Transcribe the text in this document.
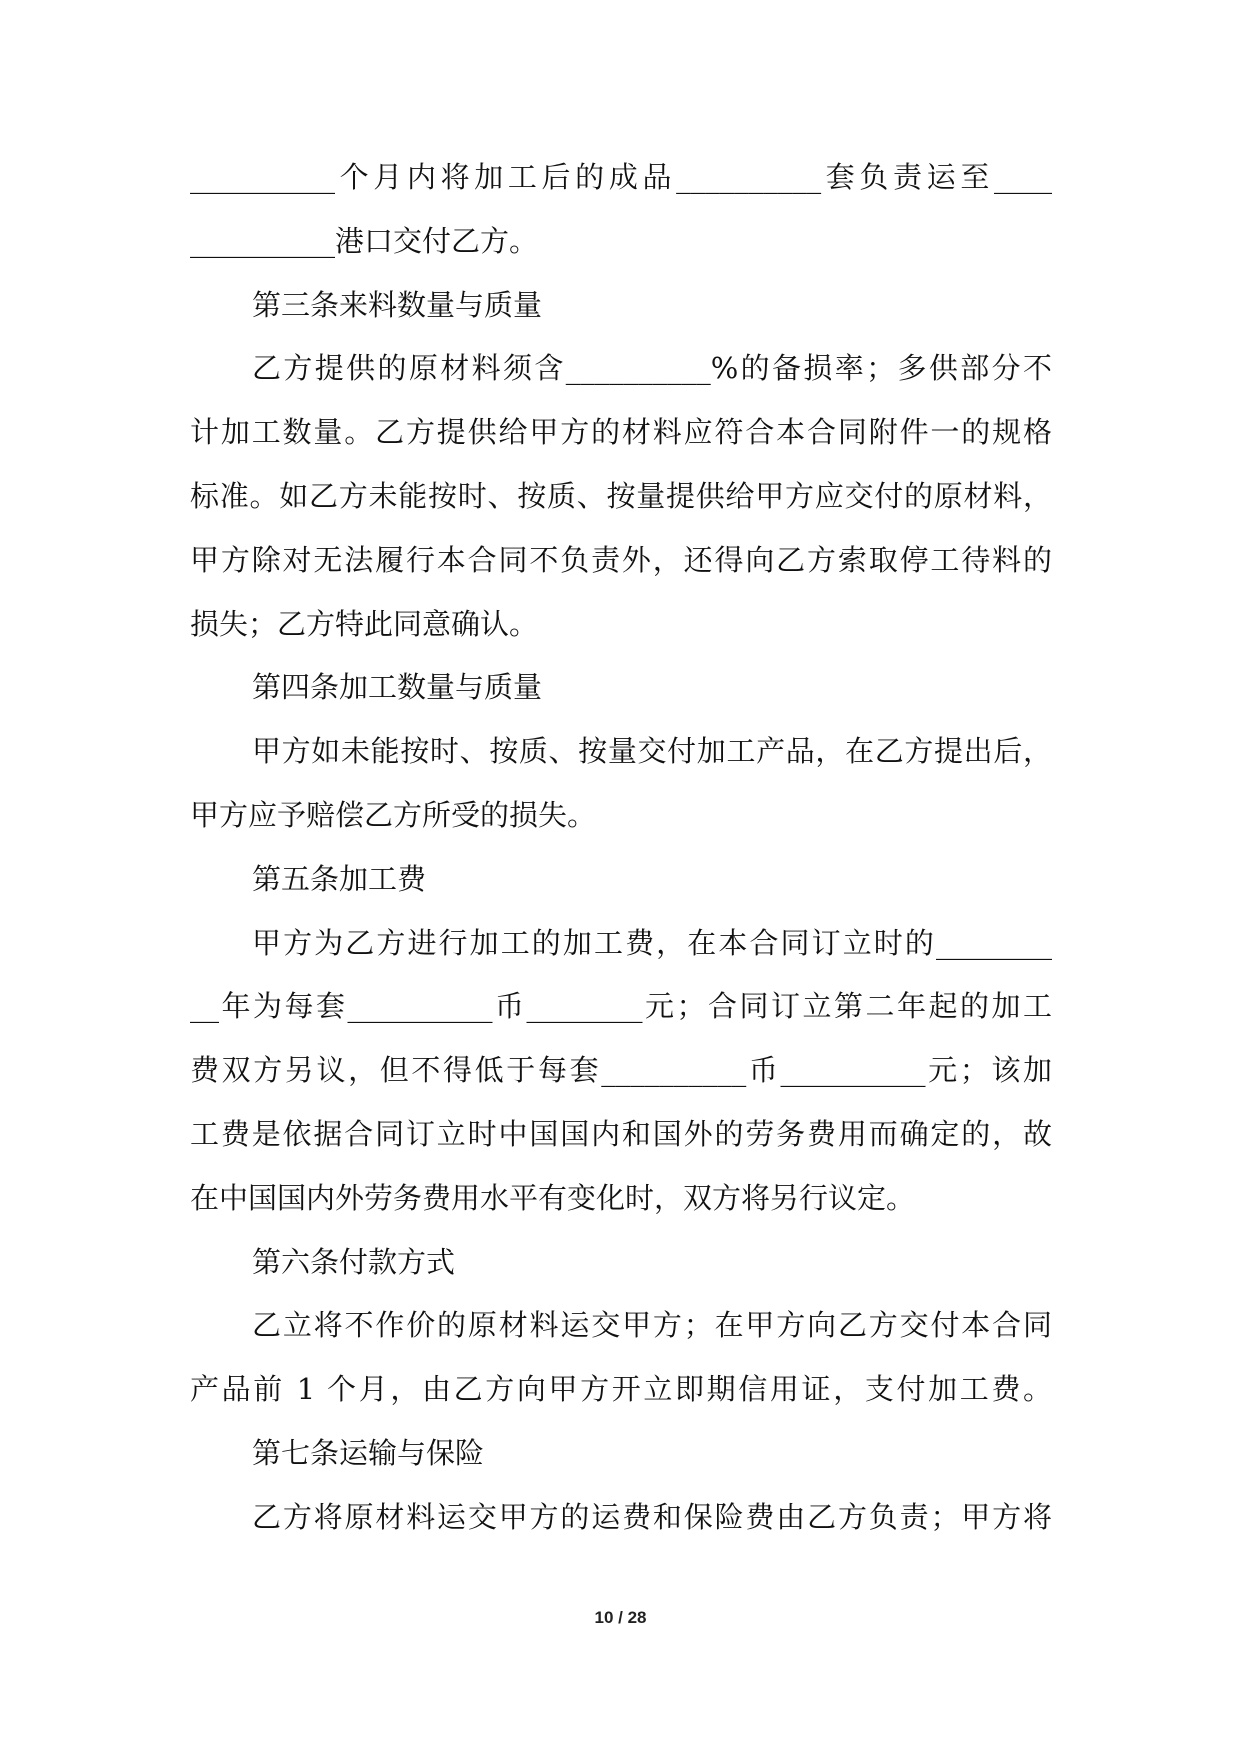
__________个月内将加工后的成品__________套负责运至____
__________港口交付乙方。
第三条来料数量与质量
乙方提供的原材料须含__________%的备损率；多供部分不
计加工数量。乙方提供给甲方的材料应符合本合同附件一的规格
标准。如乙方未能按时、按质、按量提供给甲方应交付的原材料，
甲方除对无法履行本合同不负责外，还得向乙方索取停工待料的
损失；乙方特此同意确认。
第四条加工数量与质量
甲方如未能按时、按质、按量交付加工产品，在乙方提出后，
甲方应予赔偿乙方所受的损失。
第五条加工费
甲方为乙方进行加工的加工费，在本合同订立时的________
__年为每套__________币________元；合同订立第二年起的加工
费双方另议，但不得低于每套__________币__________元；该加
工费是依据合同订立时中国国内和国外的劳务费用而确定的，故
在中国国内外劳务费用水平有变化时，双方将另行议定。
第六条付款方式
乙立将不作价的原材料运交甲方；在甲方向乙方交付本合同
产品前 1 个月，由乙方向甲方开立即期信用证，支付加工费。
第七条运输与保险
乙方将原材料运交甲方的运费和保险费由乙方负责；甲方将
10 / 28
